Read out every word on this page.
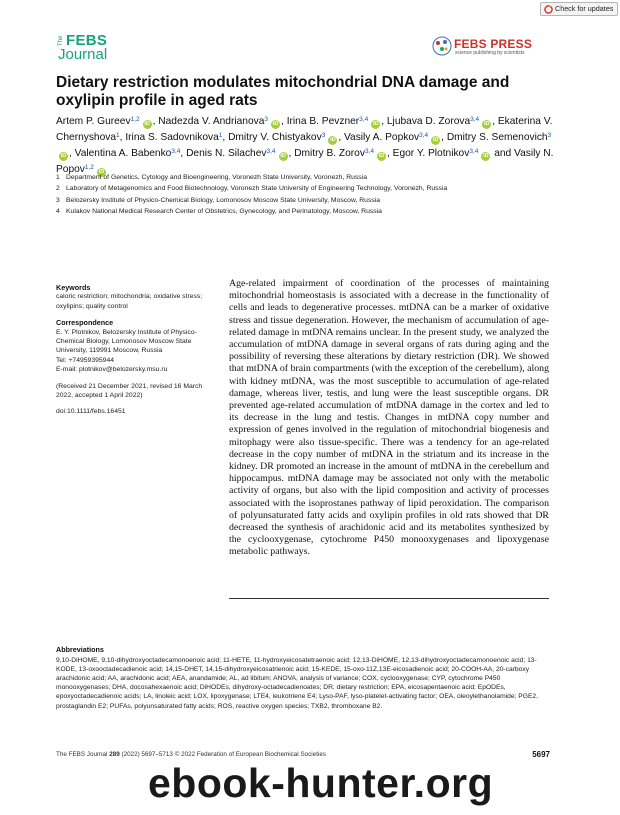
Check for updates
The FEBS
Journal
FEBS PRESS
science publishing by scientists
Dietary restriction modulates mitochondrial DNA damage and oxylipin profile in aged rats
Artem P. Gureev$^{1,2}$iD , Nadezda V. Andrianova$^3$iD , Irina B. Pevzner$^{3,4}$iD , Ljubava D. Zorova$^{3,4}$iD , Ekaterina V. Chernyshova$^1$, Irina S. Sadovnikova$^1$, Dmitry V. Chistyakov$^3$iD , Vasily A. Popkov$^{3,4}$iD , Dmitry S. Semenovich$^3$iD , Valentina A. Babenko$^{3,4}$, Denis N. Silachev$^{3,4}$iD , Dmitry B. Zorov$^{3,4}$iD , Egor Y. Plotnikov$^{3,4}$iD and Vasily N. Popov$^{1,2}$iD
1 Department of Genetics, Cytology and Bioengineering, Voronezh State University, Voronezh, Russia
2 Laboratory of Metagenomics and Food Biotechnology, Voronezh State University of Engineering Technology, Voronezh, Russia
3 Belozersky Institute of Physico-Chemical Biology, Lomonosov Moscow State University, Moscow, Russia
4 Kulakov National Medical Research Center of Obstetrics, Gynecology, and Perinatology, Moscow, Russia
Keywords
caloric restriction; mitochondria; oxidative stress; oxylipins; quality control
Correspondence
E. Y. Plotnikov, Belozersky Institute of Physico-Chemical Biology, Lomonosov Moscow State University, 119991 Moscow, Russia
Tel: +74959395944
E-mail: plotnikov@belozersky.msu.ru
(Received 21 December 2021, revised 16 March 2022, accepted 1 April 2022)
doi:10.1111/febs.16451

Age-related impairment of coordination of the processes of maintaining mitochondrial homeostasis is associated with a decrease in the functionality of cells and leads to degenerative processes. mtDNA can be a marker of oxidative stress and tissue degeneration. However, the mechanism of accumulation of age-related damage in mtDNA remains unclear. In the present study, we analyzed the accumulation of mtDNA damage in several organs of rats during aging and the possibility of reversing these alterations by dietary restriction (DR). We showed that mtDNA of brain compartments (with the exception of the cerebellum), along with kidney mtDNA, was the most susceptible to accumulation of age-related damage, whereas liver, testis, and lung were the least susceptible organs. DR prevented age-related accumulation of mtDNA damage in the cortex and led to its decrease in the lung and testis. Changes in mtDNA copy number and expression of genes involved in the regulation of mitochondrial biogenesis and mitophagy were also tissue-specific. There was a tendency for an age-related decrease in the copy number of mtDNA in the striatum and its increase in the kidney. DR promoted an increase in the amount of mtDNA in the cerebellum and hippocampus. mtDNA damage may be associated not only with the metabolic activity of organs, but also with the lipid composition and activity of processes associated with the isoprostanes pathway of lipid peroxidation. The comparison of polyunsaturated fatty acids and oxylipin profiles in old rats showed that DR decreased the synthesis of arachidonic acid and its metabolites synthesized by the cyclooxygenase, cytochrome P450 monooxygenases and lipoxygenase metabolic pathways.

Abbreviations
9,10-DiHOME, 9,10-dihydroxyoctadecamonoenoic acid; 11-HETE, 11-hydroxyeicosatetraenoic acid; 12,13-DiHOME, 12,13-dihydroxyoctadecamonoenoic acid; 13-KODE, 13-oxooctadecadienoic acid; 14,15-DHET, 14,15-dihydroxyeicosatrienoic acid; 15-KEDE, 15-oxo-11Z,13E-eicosadienoic acid; 20-COOH-AA, 20-carboxy arachidonic acid; AA, arachidonic acid; AEA, anandamide; AL, ad libitum; ANOVA, analysis of variance; COX, cyclooxygenase; CYP, cytochrome P450 monooxygenases; DHA, docosahexaenoic acid; DiHODEs, dihydroxy-octadecadienoates; DR, dietary restriction; EPA, eicosapentaenoic acid; EpODEs, epoxyoctadecadienoic acids; LA, linoleic acid; LOX, lipoxygenase; LTE4, leukotriene E4; Lyso-PAF, lyso-platelet-activating factor; OEA, oleoylethanolamide; PGE2, prostaglandin E2; PUFAs, polyunsaturated fatty acids; ROS, reactive oxygen species; TXB2, thromboxane B2.
The FEBS Journal 289 (2022) 5697–5713 © 2022 Federation of European Biochemical Societies	5697
ebook-hunter.org
